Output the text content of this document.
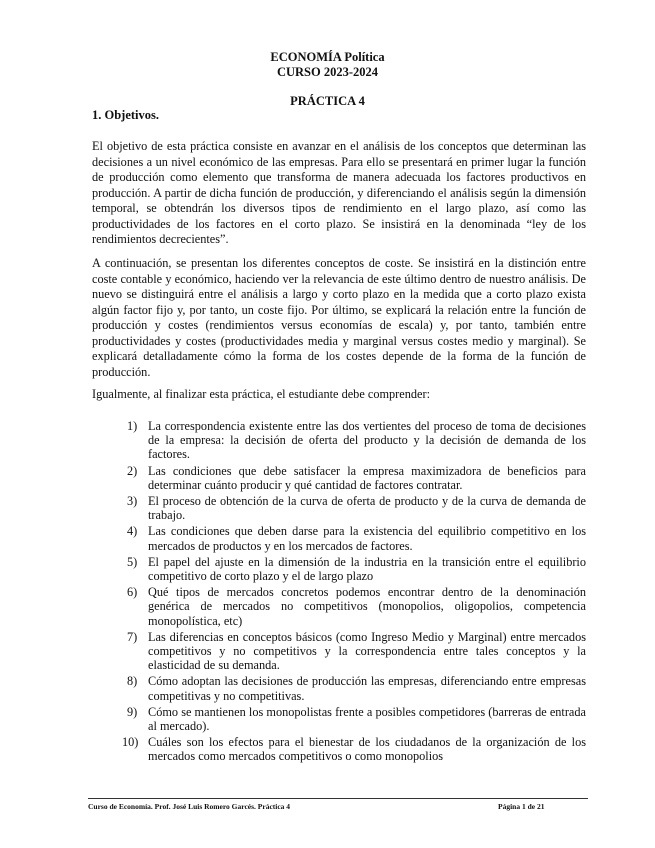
ECONOMÍA Política
CURSO 2023-2024
PRÁCTICA 4
1. Objetivos.

El objetivo de esta práctica consiste en avanzar en el análisis de los conceptos que determinan las decisiones a un nivel económico de las empresas. Para ello se presentará en primer lugar la función de producción como elemento que transforma de manera adecuada los factores productivos en producción. A partir de dicha función de producción, y diferenciando el análisis según la dimensión temporal, se obtendrán los diversos tipos de rendimiento en el largo plazo, así como las productividades de los factores en el corto plazo. Se insistirá en la denominada “ley de los rendimientos decrecientes”.

A continuación, se presentan los diferentes conceptos de coste. Se insistirá en la distinción entre coste contable y económico, haciendo ver la relevancia de este último dentro de nuestro análisis. De nuevo se distinguirá entre el análisis a largo y corto plazo en la medida que a corto plazo exista algún factor fijo y, por tanto, un coste fijo. Por último, se explicará la relación entre la función de producción y costes (rendimientos versus economías de escala) y, por tanto, también entre productividades y costes (productividades media y marginal versus costes medio y marginal). Se explicará detalladamente cómo la forma de los costes depende de la forma de la función de producción.

Igualmente, al finalizar esta práctica, el estudiante debe comprender:

1) La correspondencia existente entre las dos vertientes del proceso de toma de decisiones de la empresa: la decisión de oferta del producto y la decisión de demanda de los factores.
2) Las condiciones que debe satisfacer la empresa maximizadora de beneficios para determinar cuánto producir y qué cantidad de factores contratar.
3) El proceso de obtención de la curva de oferta de producto y de la curva de demanda de trabajo.
4) Las condiciones que deben darse para la existencia del equilibrio competitivo en los mercados de productos y en los mercados de factores.
5) El papel del ajuste en la dimensión de la industria en la transición entre el equilibrio competitivo de corto plazo y el de largo plazo
6) Qué tipos de mercados concretos podemos encontrar dentro de la denominación genérica de mercados no competitivos (monopolios, oligopolios, competencia monopolística, etc)
7) Las diferencias en conceptos básicos (como Ingreso Medio y Marginal) entre mercados competitivos y no competitivos y la correspondencia entre tales conceptos y la elasticidad de su demanda.
8) Cómo adoptan las decisiones de producción las empresas, diferenciando entre empresas competitivas y no competitivas.
9) Cómo se mantienen los monopolistas frente a posibles competidores (barreras de entrada al mercado).
10) Cuáles son los efectos para el bienestar de los ciudadanos de la organización de los mercados como mercados competitivos o como monopolios
Curso de Economía. Prof. José Luis Romero Garcés. Práctica 4	Página 1 de 21
